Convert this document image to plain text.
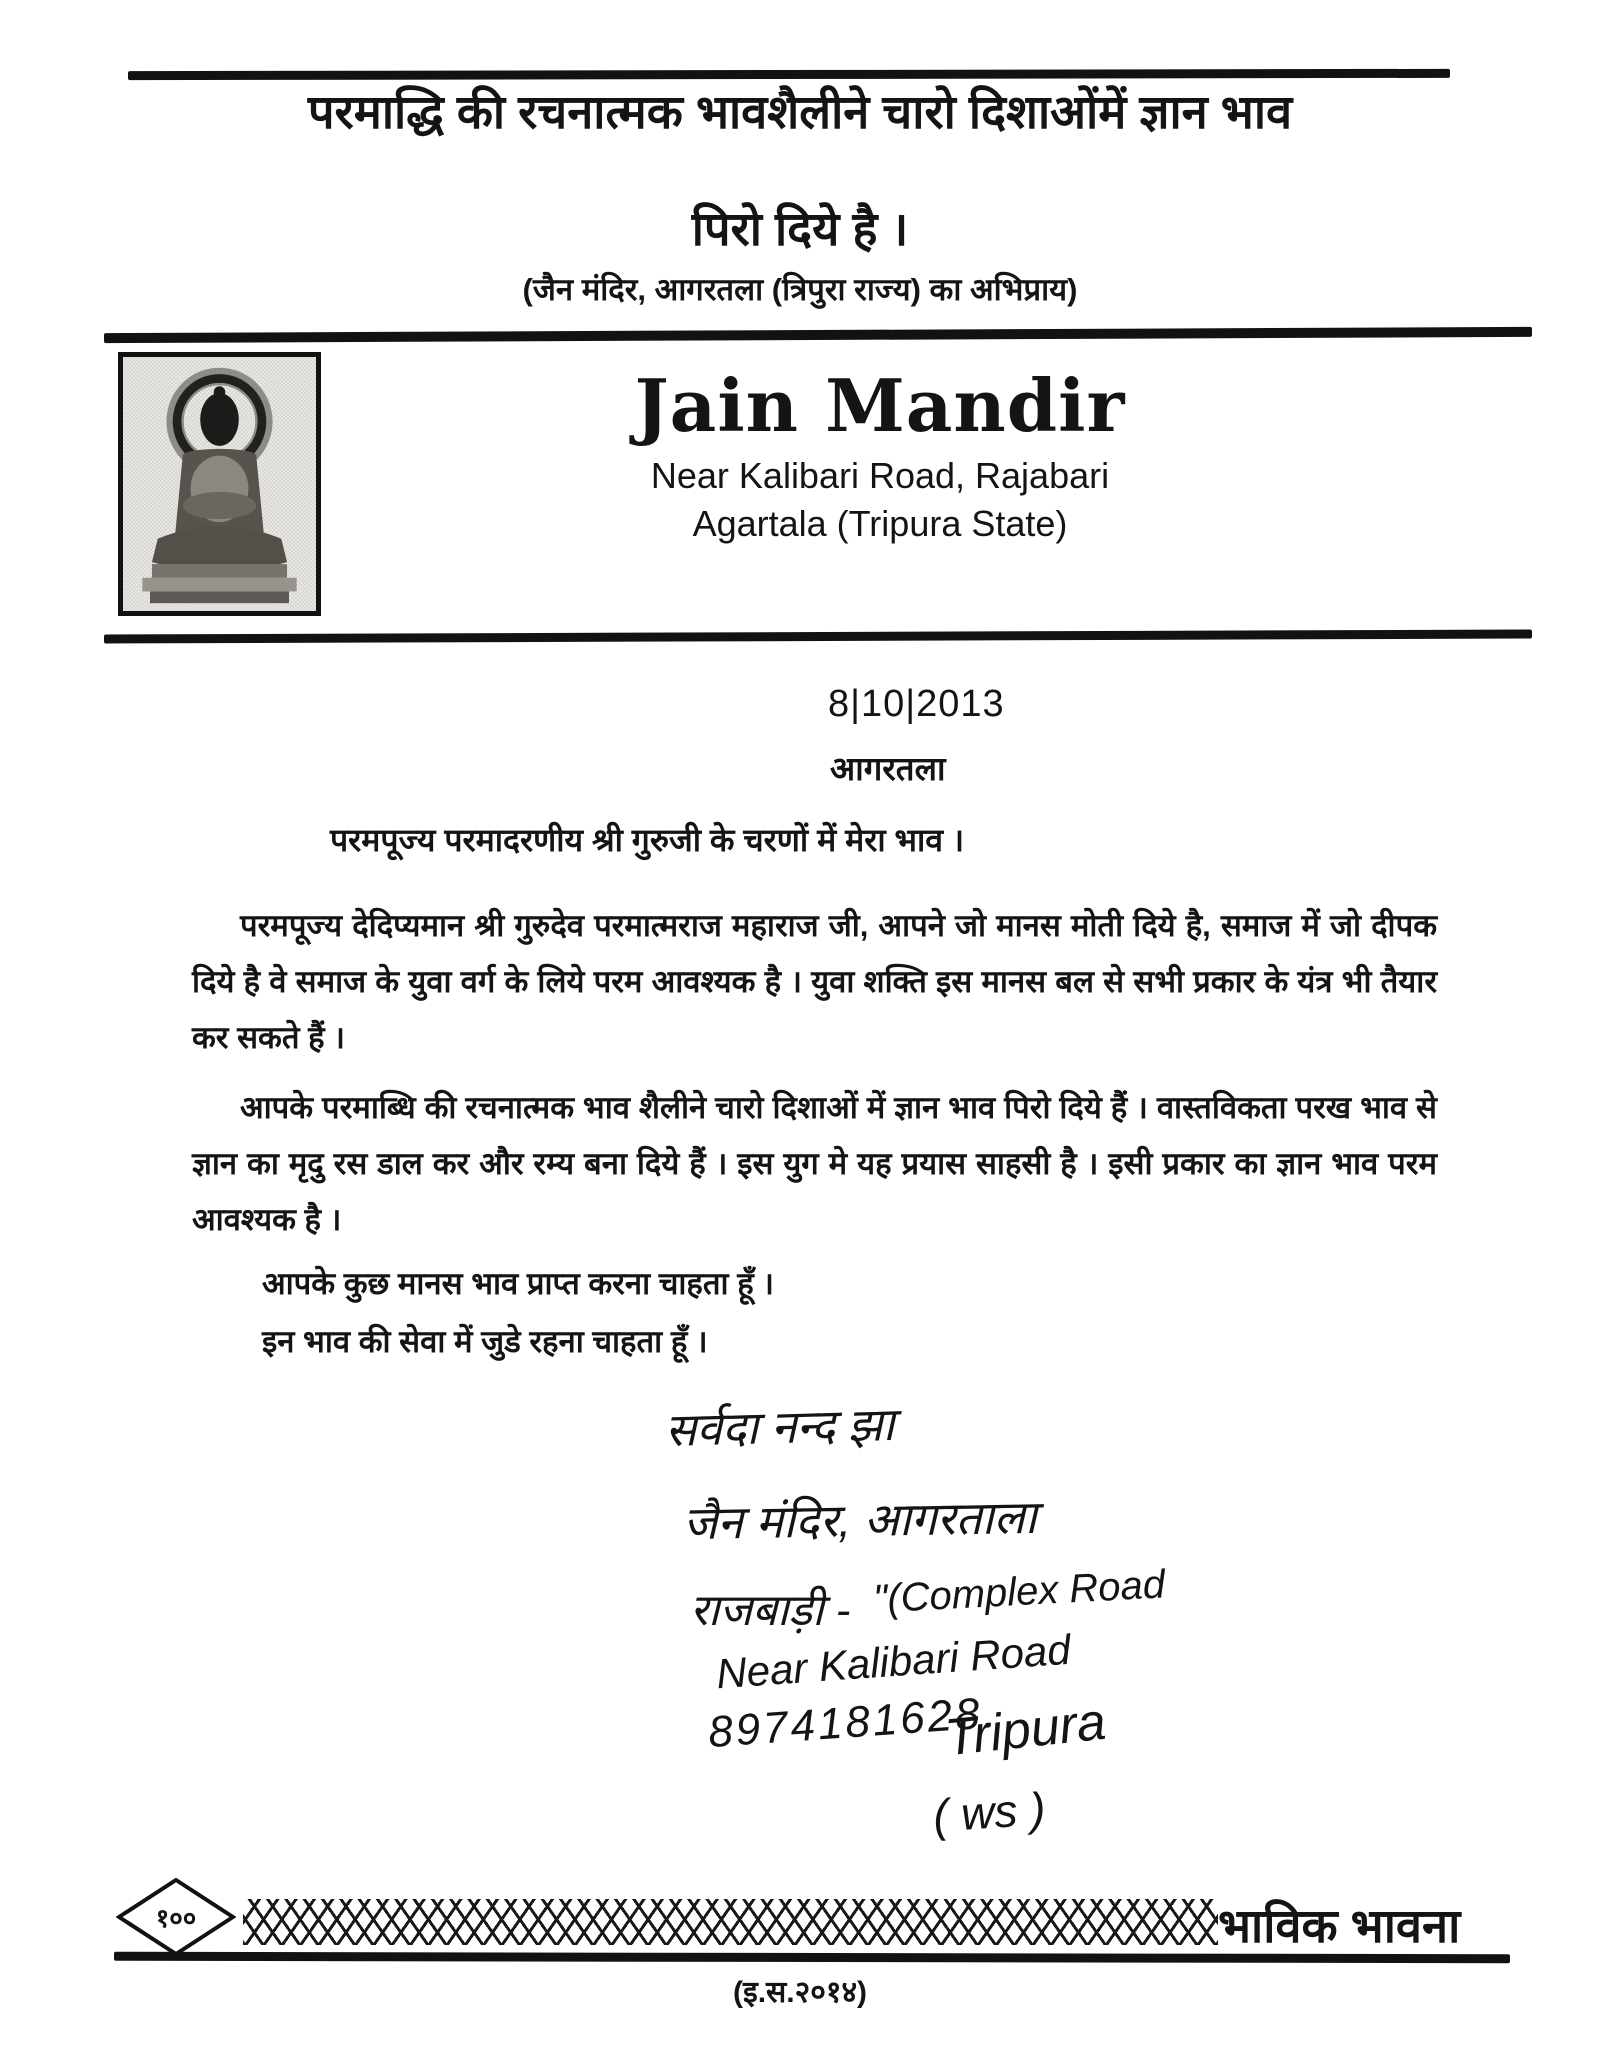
परमाद्धि की रचनात्मक भावशैलीने चारो दिशाओंमें ज्ञान भाव
पिरो दिये है ।
(जैन मंदिर, आगरतला (त्रिपुरा राज्य) का अभिप्राय)
Jain Mandir
Near Kalibari Road, Rajabari
Agartala (Tripura State)
8|10|2013
आगरतला
परमपूज्य परमादरणीय श्री गुरुजी के चरणों में मेरा भाव ।
परमपूज्य देदिप्यमान श्री गुरुदेव परमात्मराज महाराज जी, आपने जो मानस मोती दिये है, समाज में जो दीपक दिये है वे समाज के युवा वर्ग के लिये परम आवश्यक है । युवा शक्ति इस मानस बल से सभी प्रकार के यंत्र भी तैयार कर सकते हैं ।
आपके परमाब्धि की रचनात्मक भाव शैलीने चारो दिशाओं में ज्ञान भाव पिरो दिये हैं । वास्तविकता परख भाव से ज्ञान का मृदु रस डाल कर और रम्य बना दिये हैं । इस युग मे यह प्रयास साहसी है । इसी प्रकार का ज्ञान भाव परम आवश्यक है ।
आपके कुछ मानस भाव प्राप्त करना चाहता हूँ ।
इन भाव की सेवा में जुडे रहना चाहता हूँ ।
सर्वदा नन्द झा
जैन मंदिर, आगरताला
राजबाड़ी - "(Complex Road
Near Kalibari Road
8974181628.
Tripura
( ws )
१००	भाविक भावना
(इ.स.२०१४)
